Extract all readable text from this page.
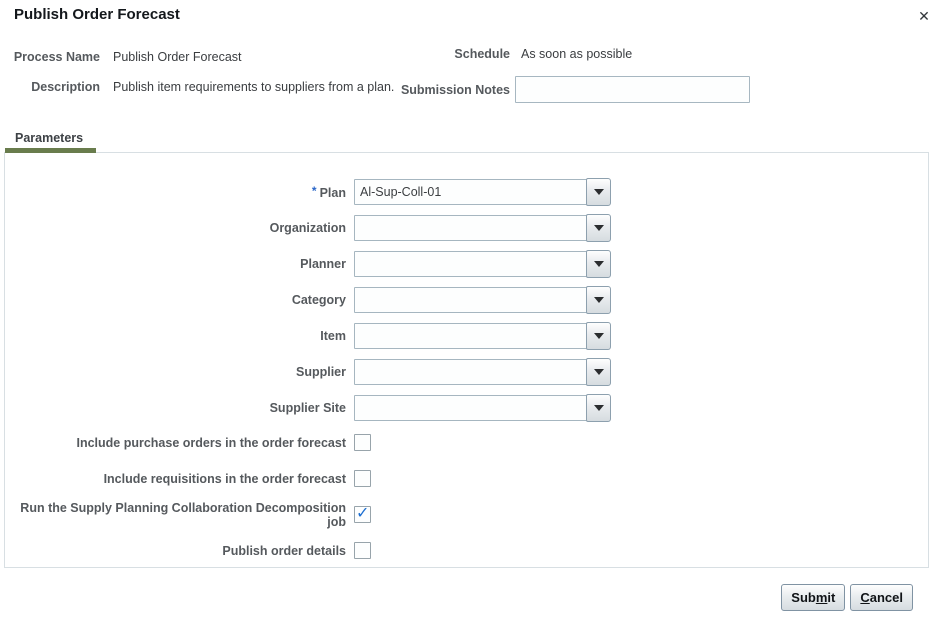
Publish Order Forecast	✕
Process Name Publish Order Forecast
Description Publish item requirements to suppliers from a plan.
Schedule As soon as possible
Submission Notes
Parameters
* Plan
Al-Sup-Coll-01
Organization
Planner
Category
Item
Supplier
Supplier Site
Include purchase orders in the order forecast
Include requisitions in the order forecast
Run the Supply Planning Collaboration Decomposition job ✓
Publish order details
Sub m it C ancel
